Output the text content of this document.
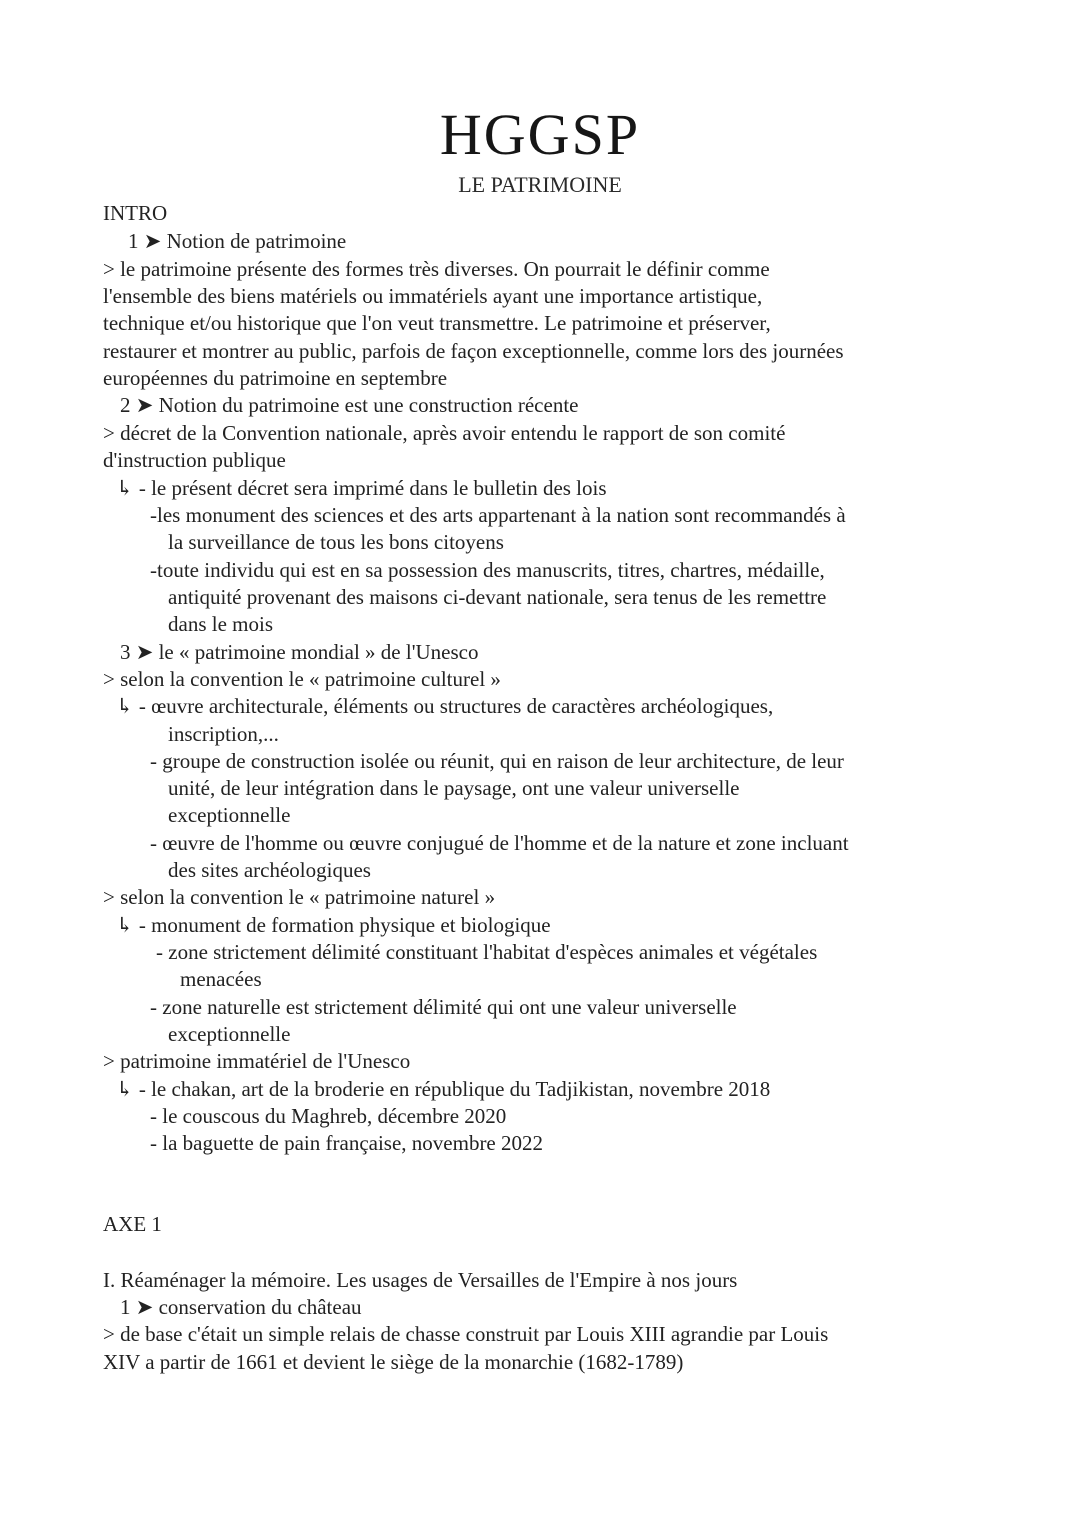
HGGSP
LE PATRIMOINE
INTRO
1 ➤ Notion de patrimoine
> le patrimoine présente des formes très diverses. On pourrait le définir comme
l'ensemble des biens matériels ou immatériels ayant une importance artistique,
technique et/ou historique que l'on veut transmettre. Le patrimoine et préserver,
restaurer et montrer au public, parfois de façon exceptionnelle, comme lors des journées
européennes du patrimoine en septembre
2 ➤ Notion du patrimoine est une construction récente
> décret de la Convention nationale, après avoir entendu le rapport de son comité
d'instruction publique
↳ - le présent décret sera imprimé dans le bulletin des lois
-les monument des sciences et des arts appartenant à la nation sont recommandés à
la surveillance de tous les bons citoyens
-toute individu qui est en sa possession des manuscrits, titres, chartres, médaille,
antiquité provenant des maisons ci-devant nationale, sera tenus de les remettre
dans le mois
3 ➤ le « patrimoine mondial » de l'Unesco
> selon la convention le « patrimoine culturel »
↳ - œuvre architecturale, éléments ou structures de caractères archéologiques,
inscription,...
- groupe de construction isolée ou réunit, qui en raison de leur architecture, de leur
unité, de leur intégration dans le paysage, ont une valeur universelle
exceptionnelle
- œuvre de l'homme ou œuvre conjugué de l'homme et de la nature et zone incluant
des sites archéologiques
> selon la convention le « patrimoine naturel »
↳ - monument de formation physique et biologique
- zone strictement délimité constituant l'habitat d'espèces animales et végétales
menacées
- zone naturelle est strictement délimité qui ont une valeur universelle
exceptionnelle
> patrimoine immatériel de l'Unesco
↳ - le chakan, art de la broderie en république du Tadjikistan, novembre 2018
- le couscous du Maghreb, décembre 2020
- la baguette de pain française, novembre 2022
AXE 1
I. Réaménager la mémoire. Les usages de Versailles de l'Empire à nos jours
1 ➤ conservation du château
> de base c'était un simple relais de chasse construit par Louis XIII agrandie par Louis
XIV a partir de 1661 et devient le siège de la monarchie (1682-1789)
